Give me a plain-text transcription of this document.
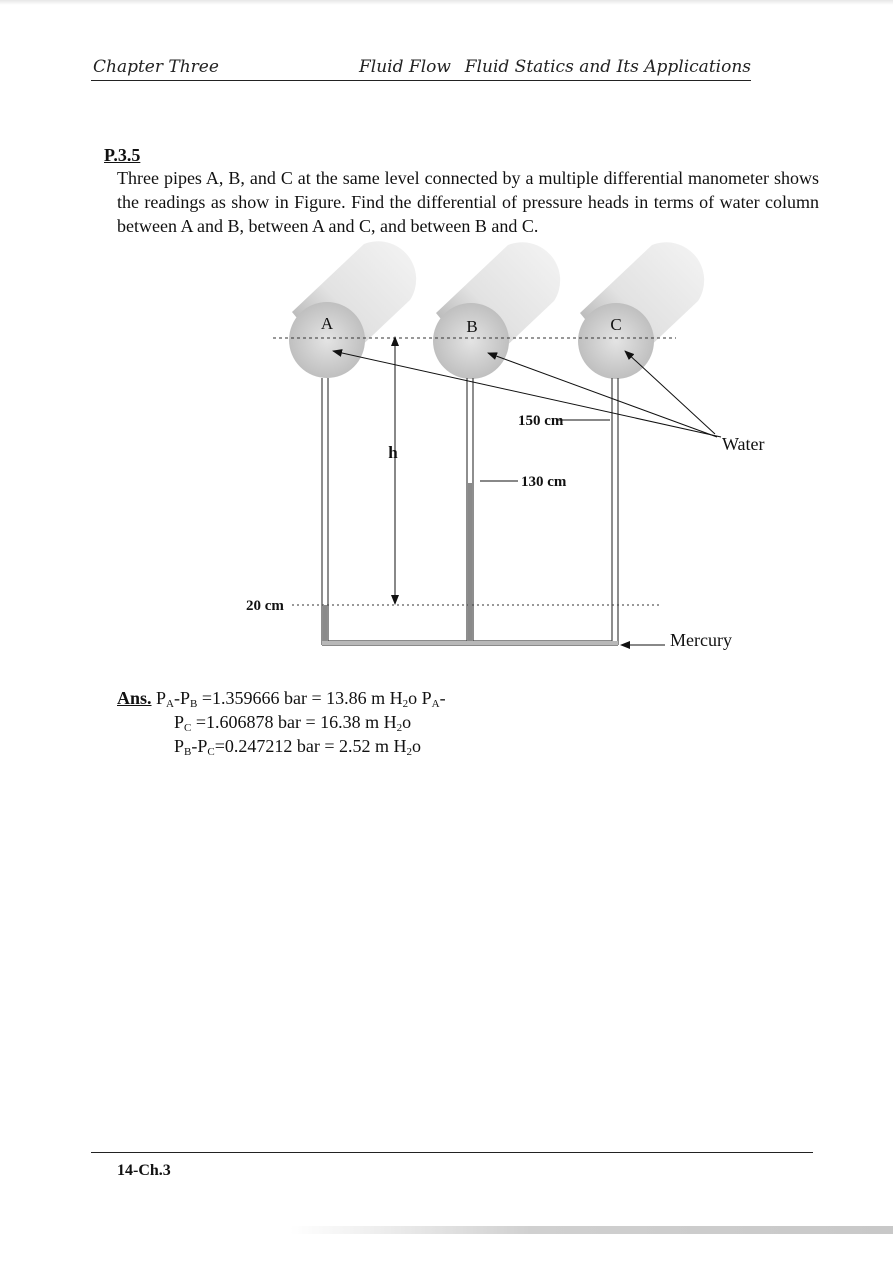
Chapter Three	Fluid Flow Fluid Statics and Its Applications
P.3.5
Three pipes A, B, and C at the same level connected by a multiple differential manometer shows the readings as show in Figure. Find the differential of pressure heads in terms of water column between A and B, between A and C, and between B and C.
A	B	C
h
150 cm
130 cm
20 cm
Water
Mercury
Ans. $P_A-P_B =1.359666$ bar = 13.86 m $H_2o$ $P_A-$
$P_C =1.606878$ bar = 16.38 m $H_2o$
$P_B-P_C=0.247212$ bar = 2.52 m $H_2o$
14-Ch.3
